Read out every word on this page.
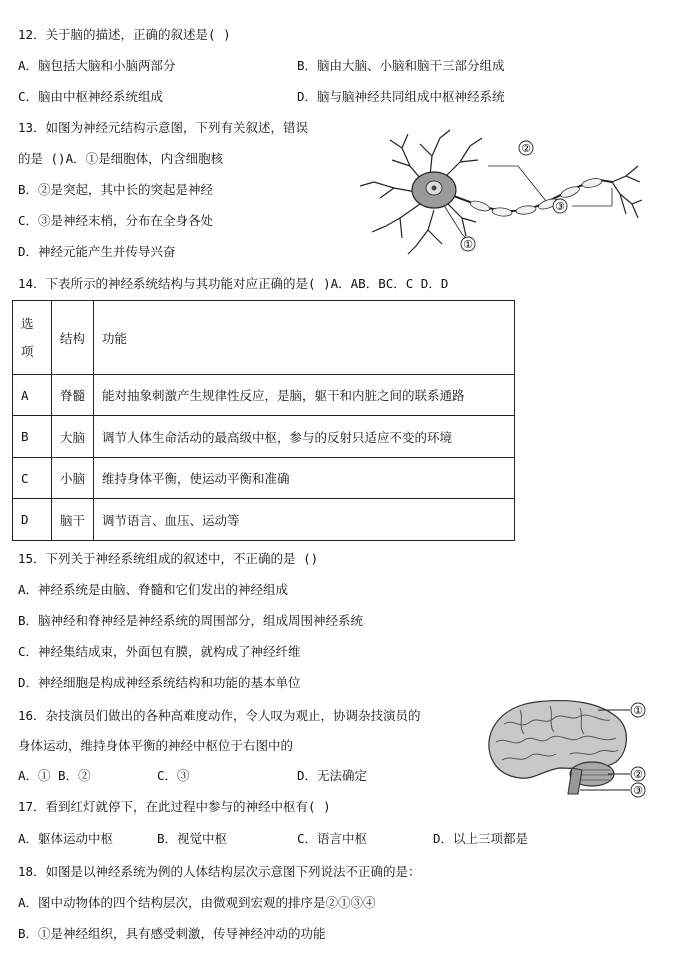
12．关于脑的描述，正确的叙述是( )
A．脑包括大脑和小脑两部分	B．脑由大脑、小脑和脑干三部分组成
C．脑由中枢神经系统组成	D．脑与脑神经共同组成中枢神经系统
13．如图为神经元结构示意图，下列有关叙述，错误
的是 ()A．①是细胞体，内含细胞核
B．②是突起，其中长的突起是神经
C．③是神经末梢，分布在全身各处
D．神经元能产生并传导兴奋	①
②
③
14．下表所示的神经系统结构与其功能对应正确的是( )A．AB．BC．C D．D
选
项	结构	功能
A	脊髓	能对抽象刺激产生规律性反应，是脑，躯干和内脏之间的联系通路
B	大脑	调节人体生命活动的最高级中枢，参与的反射只适应不变的环境
C	小脑	维持身体平衡，使运动平衡和准确
D	脑干	调节语言、血压、运动等
15．下列关于神经系统组成的叙述中，不正确的是 ()
A．神经系统是由脑、脊髓和它们发出的神经组成
B．脑神经和脊神经是神经系统的周围部分，组成周围神经系统
C．神经集结成束，外面包有膜，就构成了神经纤维
D．神经细胞是构成神经系统结构和功能的基本单位
16．杂技演员们做出的各种高难度动作，令人叹为观止，协调杂技演员的
身体运动，维持身体平衡的神经中枢位于右图中的
A．① B．②	C．③	D．无法确定
①
②
③
17．看到红灯就停下，在此过程中参与的神经中枢有( )
A．躯体运动中枢	B．视觉中枢	C．语言中枢	D．以上三项都是
18．如图是以神经系统为例的人体结构层次示意图下列说法不正确的是：
A．图中动物体的四个结构层次，由微观到宏观的排序是②①③④
B．①是神经组织，具有感受刺激，传导神经冲动的功能
